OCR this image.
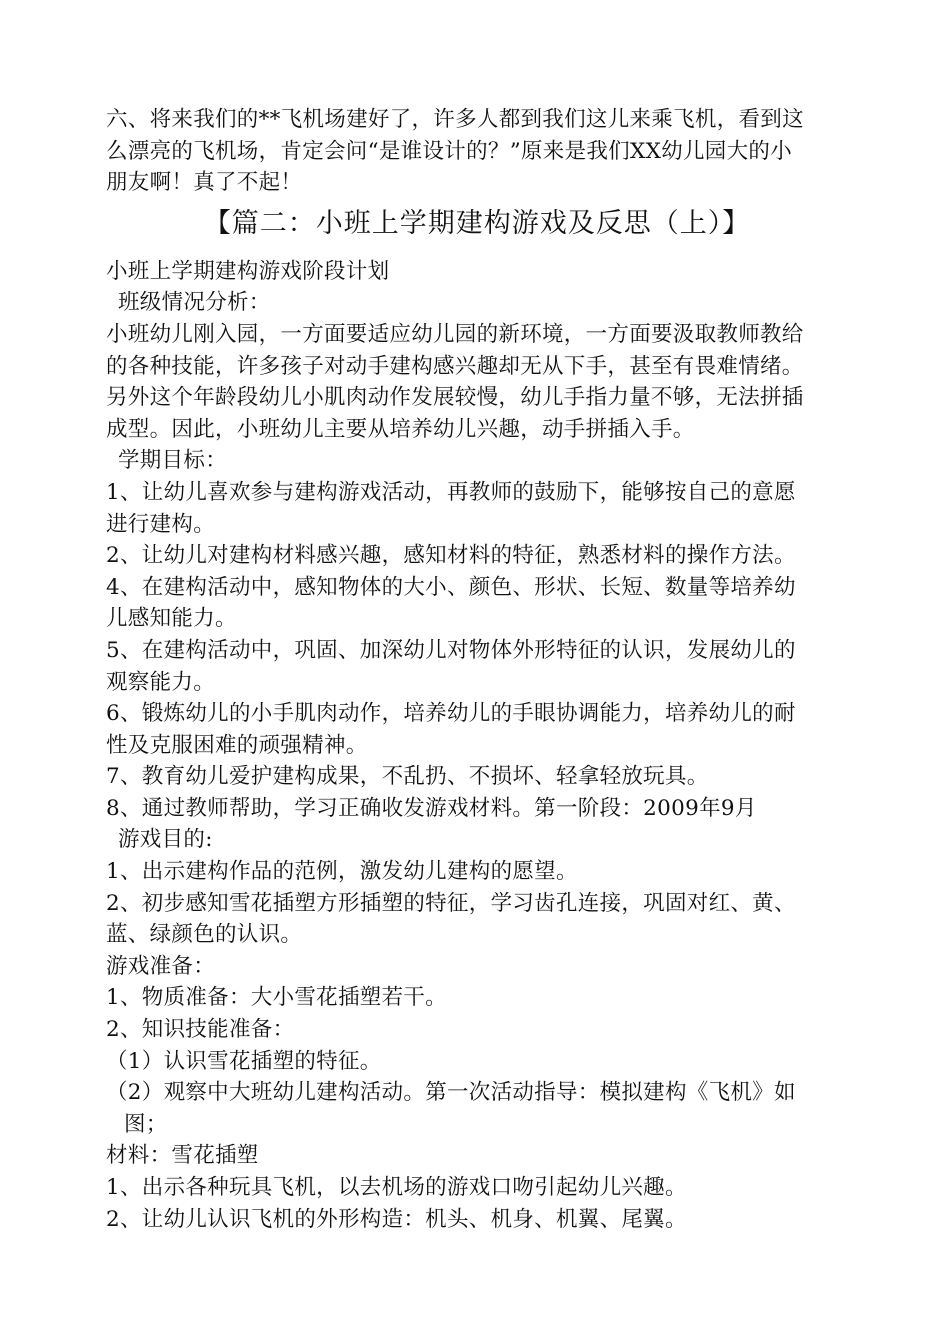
六、将来我们的**飞机场建好了，许多人都到我们这儿来乘飞机，看到这
么漂亮的飞机场，肯定会问“是谁设计的？”原来是我们XX幼儿园大的小
朋友啊！真了不起！
【篇二：小班上学期建构游戏及反思（上）】
小班上学期建构游戏阶段计划
班级情况分析：
小班幼儿刚入园，一方面要适应幼儿园的新环境，一方面要汲取教师教给
的各种技能，许多孩子对动手建构感兴趣却无从下手，甚至有畏难情绪。
另外这个年龄段幼儿小肌肉动作发展较慢，幼儿手指力量不够，无法拼插
成型。因此，小班幼儿主要从培养幼儿兴趣，动手拼插入手。
学期目标：
1、让幼儿喜欢参与建构游戏活动，再教师的鼓励下，能够按自己的意愿
进行建构。
2、让幼儿对建构材料感兴趣，感知材料的特征，熟悉材料的操作方法。
4、在建构活动中，感知物体的大小、颜色、形状、长短、数量等培养幼
儿感知能力。
5、在建构活动中，巩固、加深幼儿对物体外形特征的认识，发展幼儿的
观察能力。
6、锻炼幼儿的小手肌肉动作，培养幼儿的手眼协调能力，培养幼儿的耐
性及克服困难的顽强精神。
7、教育幼儿爱护建构成果，不乱扔、不损坏、轻拿轻放玩具。
8、通过教师帮助，学习正确收发游戏材料。第一阶段：2009年9月
游戏目的:
1、出示建构作品的范例，激发幼儿建构的愿望。
2、初步感知雪花插塑方形插塑的特征，学习齿孔连接，巩固对红、黄、
蓝、绿颜色的认识。
游戏准备：
1、物质准备：大小雪花插塑若干。
2、知识技能准备：
（1）认识雪花插塑的特征。
（2）观察中大班幼儿建构活动。第一次活动指导：模拟建构《飞机》如
图；
材料：雪花插塑
1、出示各种玩具飞机，以去机场的游戏口吻引起幼儿兴趣。
2、让幼儿认识飞机的外形构造：机头、机身、机翼、尾翼。
